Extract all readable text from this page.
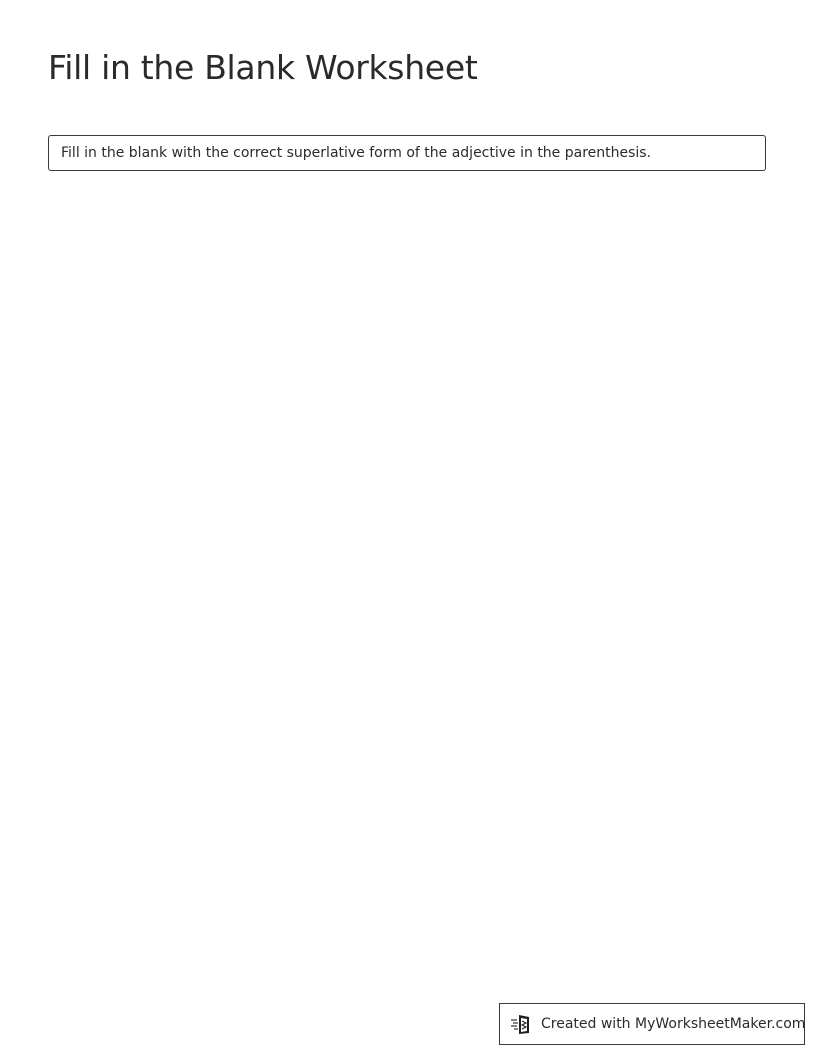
Fill in the Blank Worksheet
Fill in the blank with the correct superlative form of the adjective in the parenthesis.
Created with MyWorksheetMaker.com
